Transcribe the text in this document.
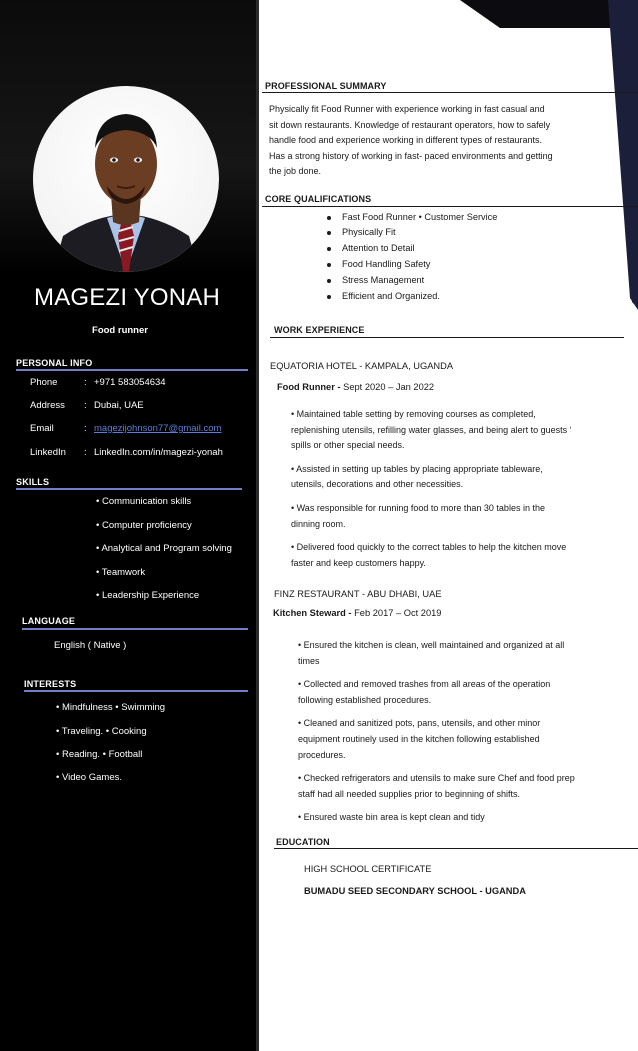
MAGEZI YONAH
Food runner
PERSONAL INFO
Phone	: +971 583054634
Address : Dubai, UAE
Email	: magezijohnson77@gmail.com
LinkedIn : LinkedIn.com/in/magezi-yonah
SKILLS
• Communication skills
• Computer proficiency
• Analytical and Program solving
• Teamwork
• Leadership Experience
LANGUAGE
English ( Native )
INTERESTS
• Mindfulness • Swimming
• Traveling. • Cooking
• Reading. • Football
• Video Games.
PROFESSIONAL SUMMARY
Physically fit Food Runner with experience working in fast casual and
sit down restaurants. Knowledge of restaurant operators, how to safely
handle food and experience working in different types of restaurants.
Has a strong history of working in fast- paced environments and getting
the job done.
CORE QUALIFICATIONS
Fast Food Runner • Customer Service
Physically Fit
Attention to Detail
Food Handling Safety
Stress Management
Efficient and Organized.
WORK EXPERIENCE
EQUATORIA HOTEL - KAMPALA, UGANDA
Food Runner - Sept 2020 – Jan 2022
• Maintained table setting by removing courses as completed,
replenishing utensils, refilling water glasses, and being alert to guests ‘
spills or other special needs.
• Assisted in setting up tables by placing appropriate tableware,
utensils, decorations and other necessities.
• Was responsible for running food to more than 30 tables in the
dinning room.
• Delivered food quickly to the correct tables to help the kitchen move
faster and keep customers happy.
FINZ RESTAURANT - ABU DHABI, UAE
Kitchen Steward - Feb 2017 – Oct 2019
• Ensured the kitchen is clean, well maintained and organized at all
times
• Collected and removed trashes from all areas of the operation
following established procedures.
• Cleaned and sanitized pots, pans, utensils, and other minor
equipment routinely used in the kitchen following established
procedures.
• Checked refrigerators and utensils to make sure Chef and food prep
staff had all needed supplies prior to beginning of shifts.
• Ensured waste bin area is kept clean and tidy
EDUCATION
HIGH SCHOOL CERTIFICATE
BUMADU SEED SECONDARY SCHOOL - UGANDA
